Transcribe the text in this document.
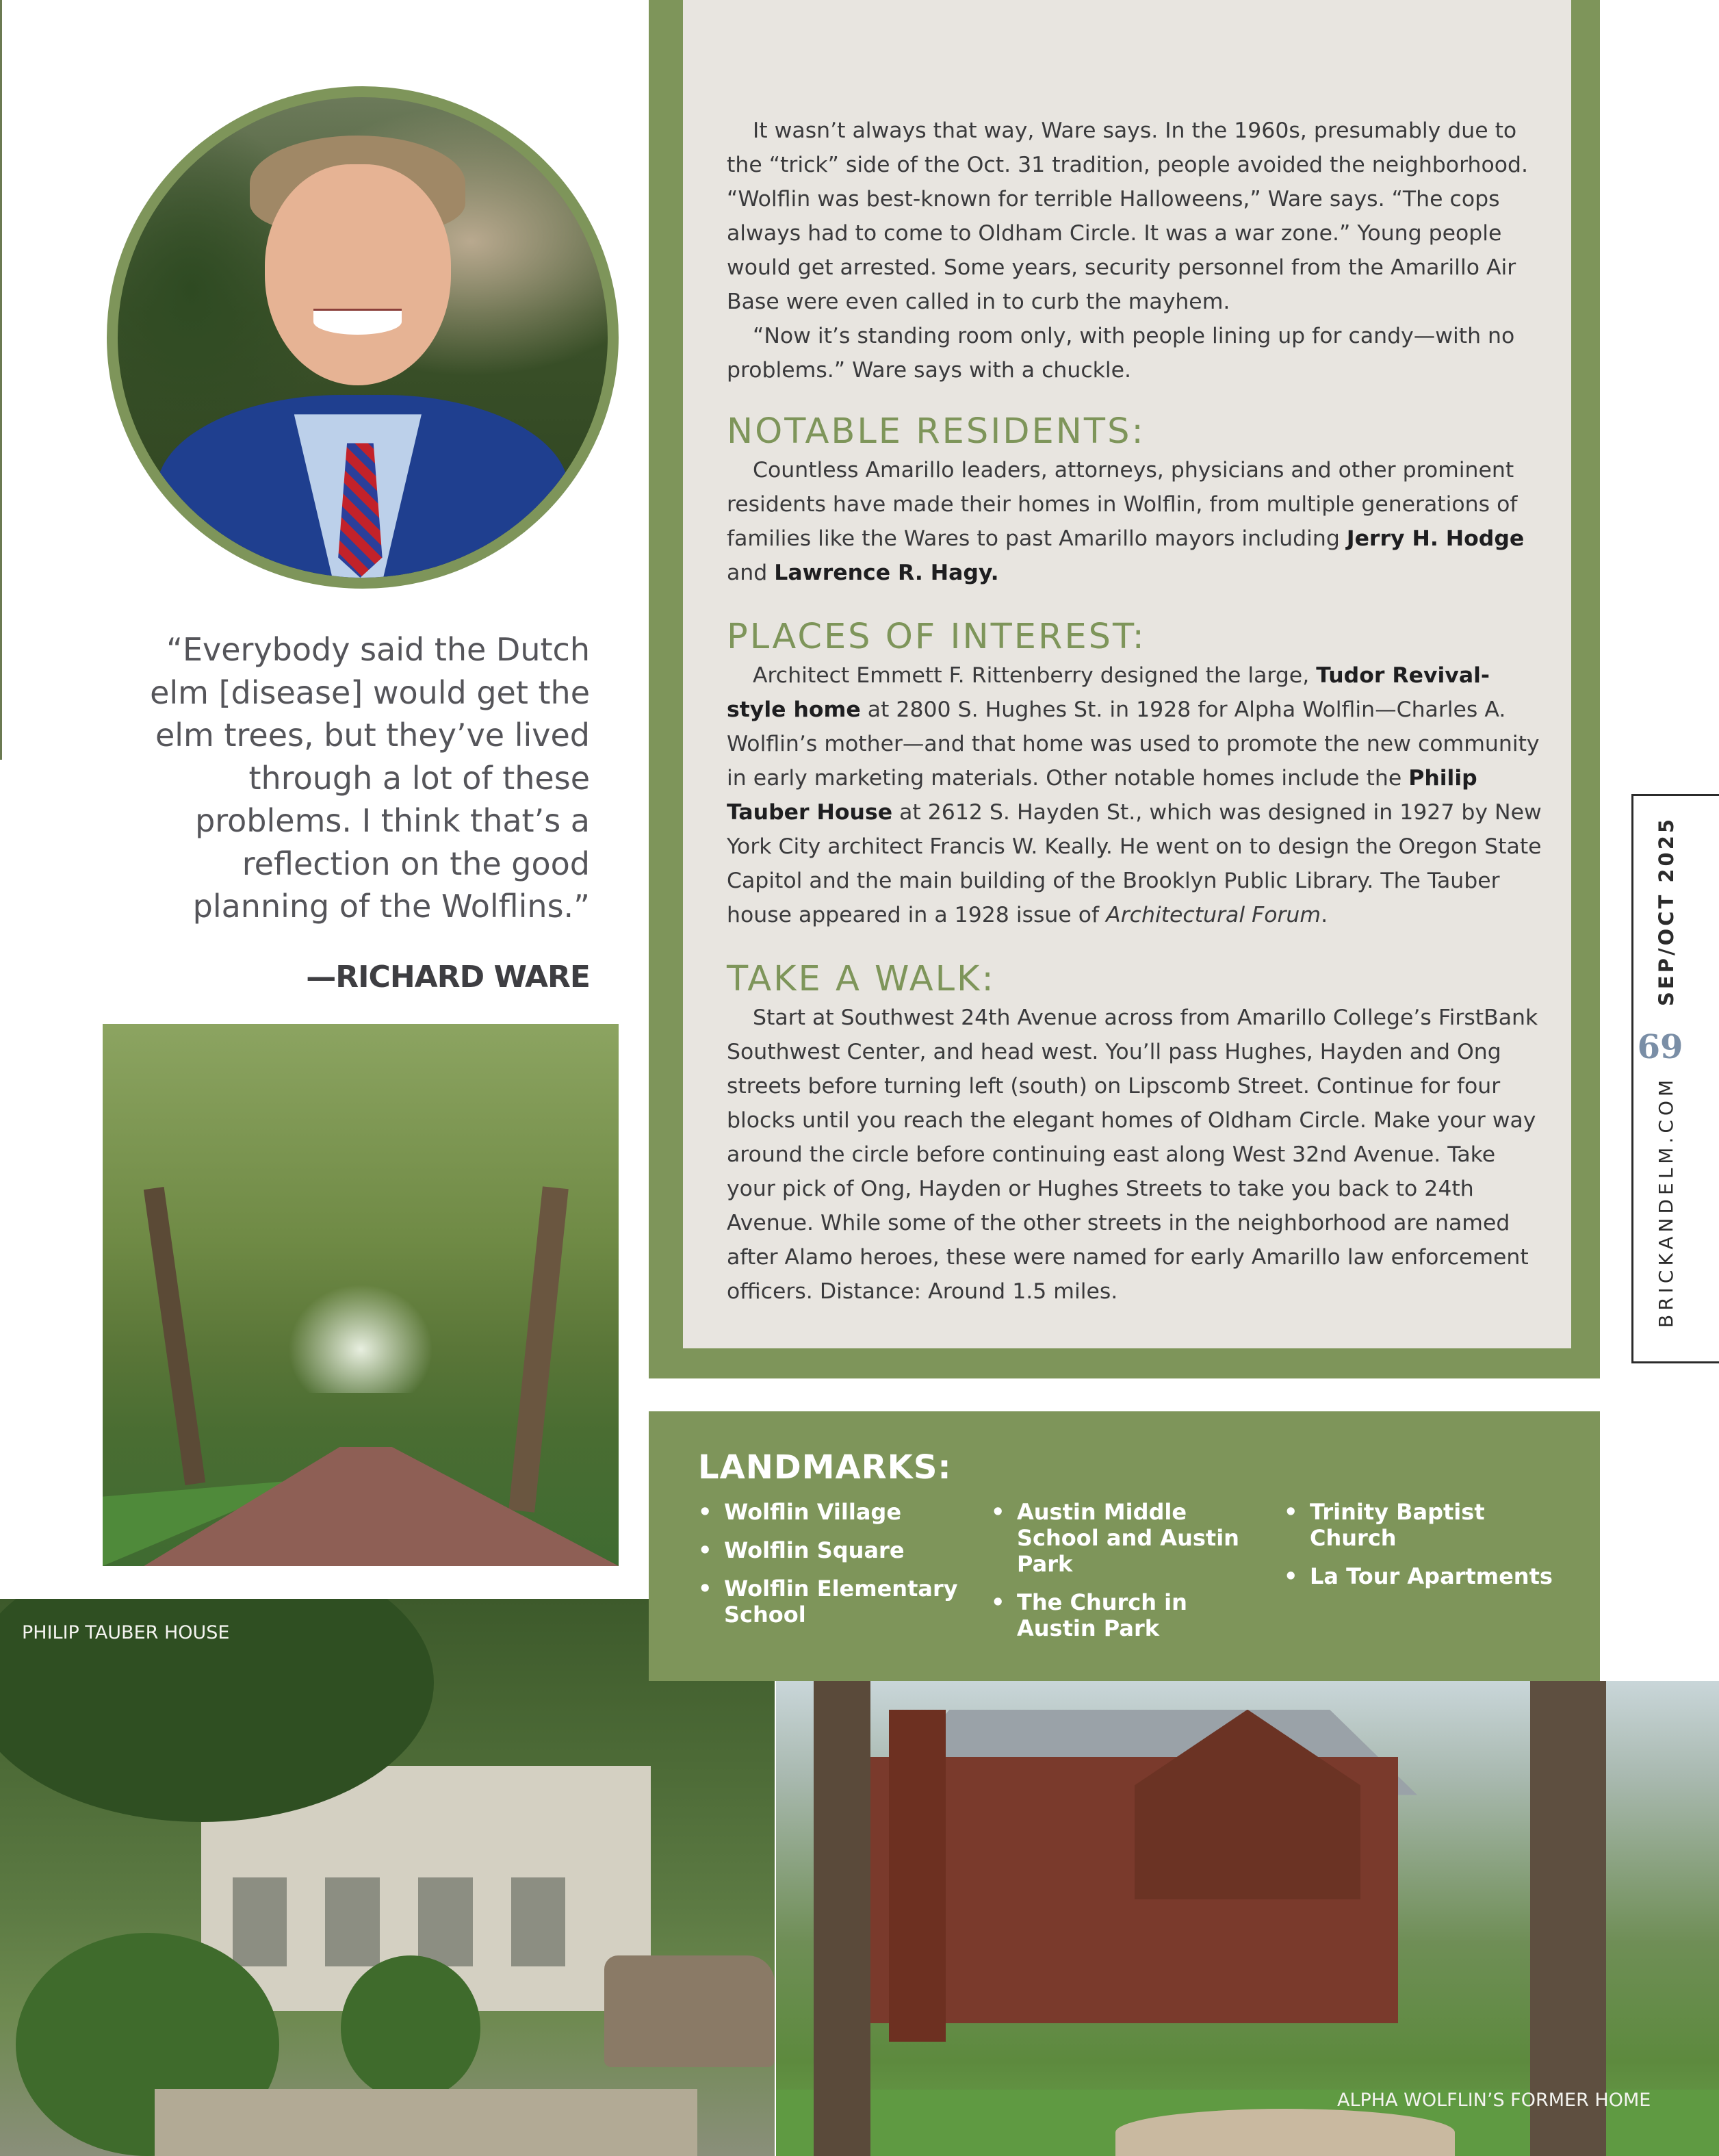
“Everybody said the Dutch elm [disease] would get the elm trees, but they’ve lived through a lot of these problems. I think that’s a reflection on the good planning of the Wolflins.”

—RICHARD WARE

It wasn’t always that way, Ware says. In the 1960s, presumably due to the “trick” side of the Oct. 31 tradition, people avoided the neighborhood. “Wolflin was best-known for terrible Halloweens,” Ware says. “The cops always had to come to Oldham Circle. It was a war zone.” Young people would get arrested. Some years, security personnel from the Amarillo Air Base were even called in to curb the mayhem.

“Now it’s standing room only, with people lining up for candy—with no problems.” Ware says with a chuckle.

NOTABLE RESIDENTS:

Countless Amarillo leaders, attorneys, physicians and other prominent residents have made their homes in Wolflin, from multiple generations of families like the Wares to past Amarillo mayors including Jerry H. Hodge and Lawrence R. Hagy.

PLACES OF INTEREST:

Architect Emmett F. Rittenberry designed the large, Tudor Revival-style home at 2800 S. Hughes St. in 1928 for Alpha Wolflin—Charles A. Wolflin’s mother—and that home was used to promote the new community in early marketing materials. Other notable homes include the Philip Tauber House at 2612 S. Hayden St., which was designed in 1927 by New York City architect Francis W. Keally. He went on to design the Oregon State Capitol and the main building of the Brooklyn Public Library. The Tauber house appeared in a 1928 issue of Architectural Forum.

TAKE A WALK:

Start at Southwest 24th Avenue across from Amarillo College’s FirstBank Southwest Center, and head west. You’ll pass Hughes, Hayden and Ong streets before turning left (south) on Lipscomb Street. Continue for four blocks until you reach the elegant homes of Oldham Circle. Make your way around the circle before continuing east along West 32nd Avenue. Take your pick of Ong, Hayden or Hughes Streets to take you back to 24th Avenue. While some of the other streets in the neighborhood are named after Alamo heroes, these were named for early Amarillo law enforcement officers. Distance: Around 1.5 miles.

PHILIP TAUBER HOUSE
ALPHA WOLFLIN’S FORMER HOME
LANDMARKS:
• Wolflin Village
• Wolflin Square
• Wolflin Elementary School
• Austin Middle School and Austin Park
• The Church in Austin Park
• Trinity Baptist Church
• La Tour Apartments
SEP/OCT 2025
69
BRICKANDELM.COM
